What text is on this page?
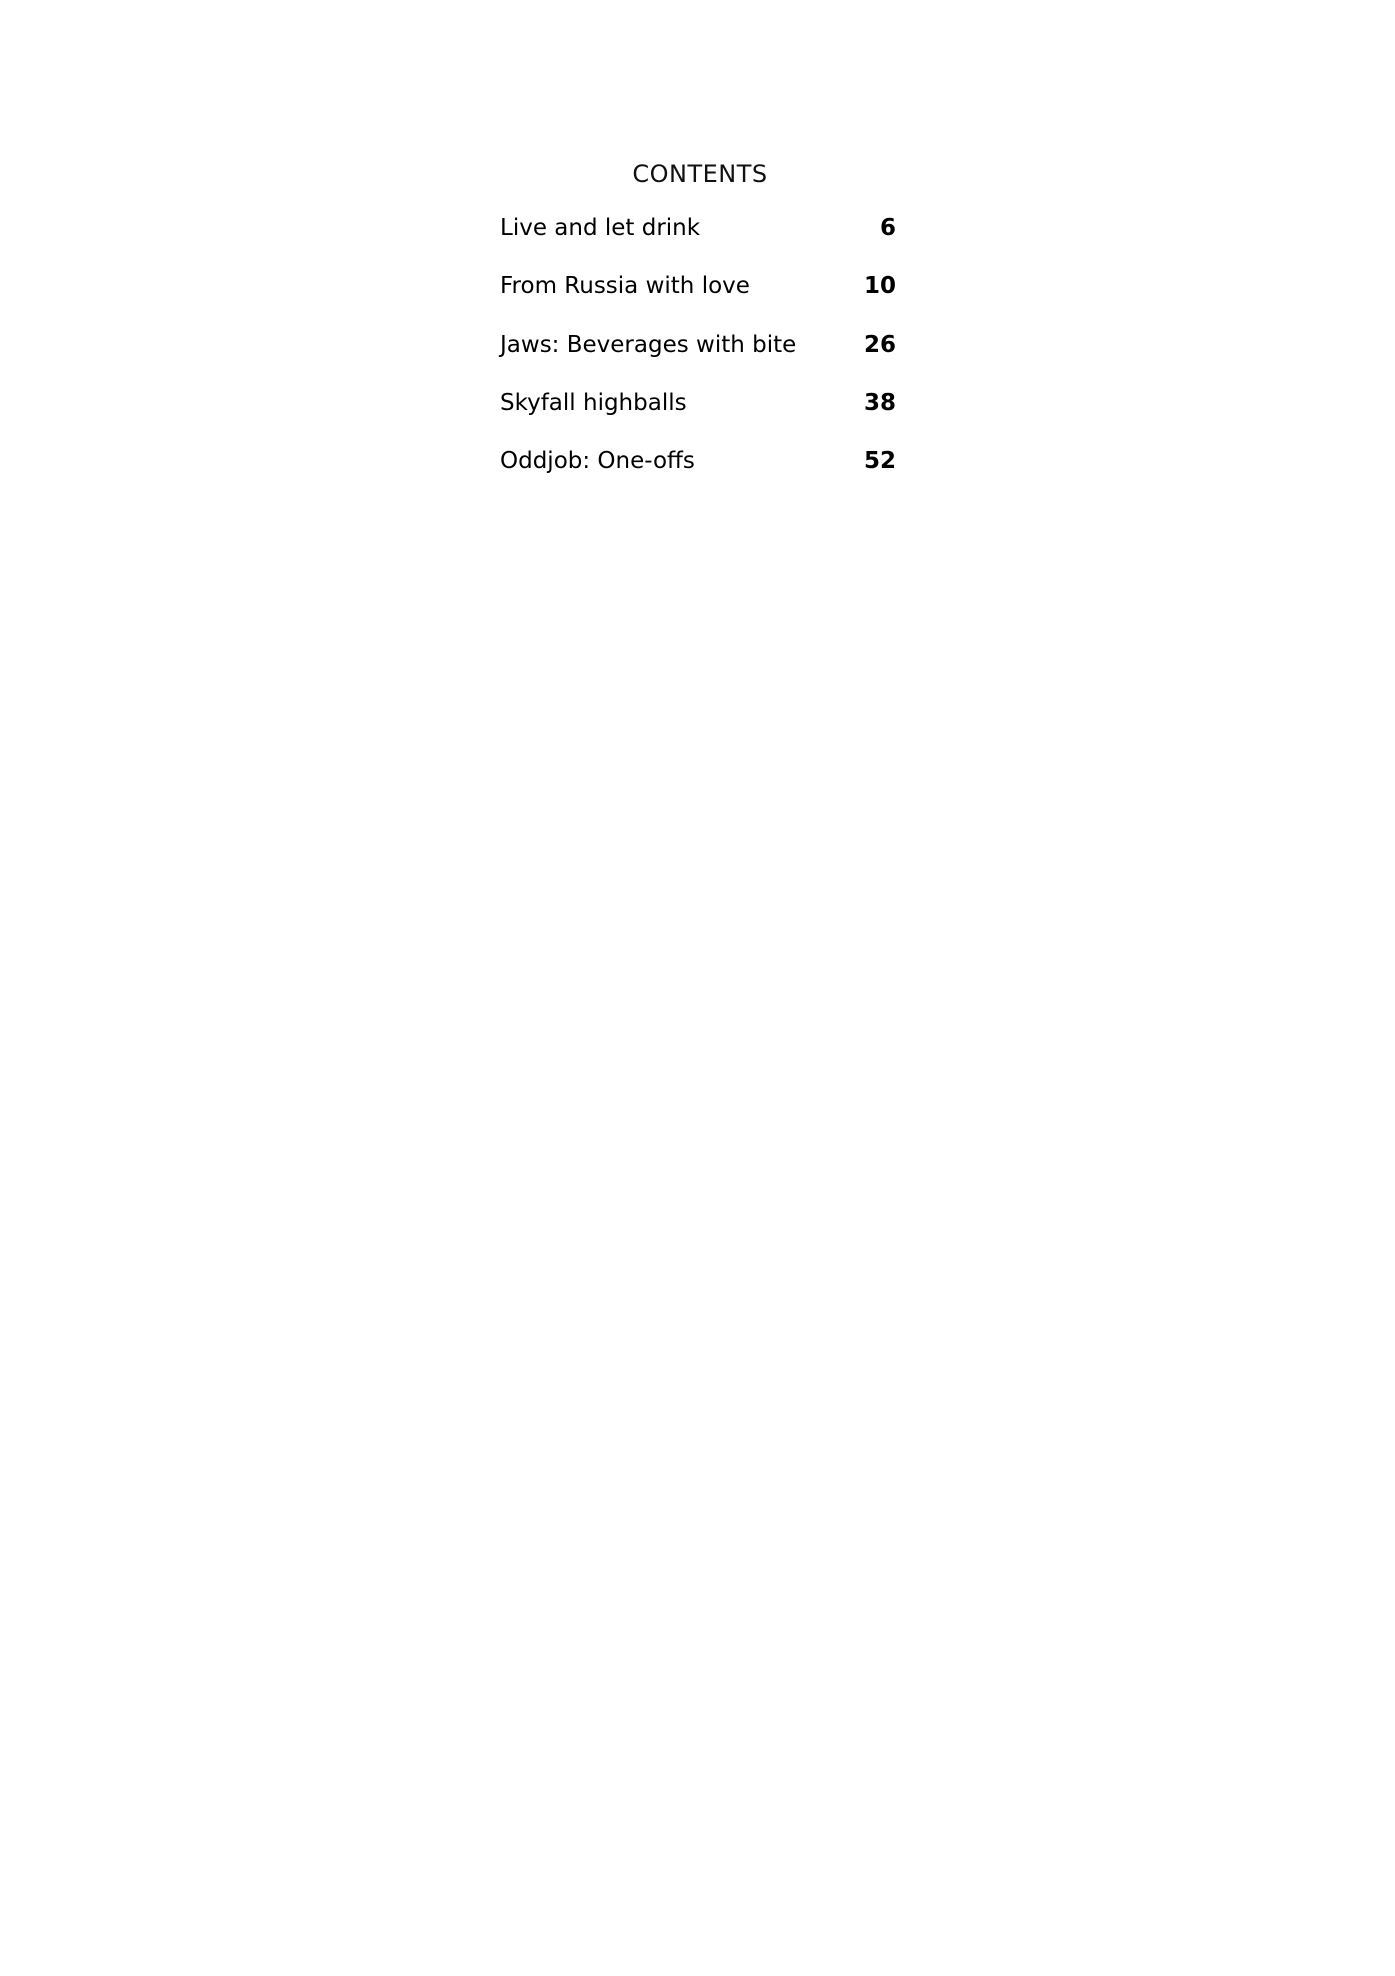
CONTENTS
Live and let drink	6
From Russia with love	10
Jaws: Beverages with bite	26
Skyfall highballs	38
Oddjob: One-offs	52
